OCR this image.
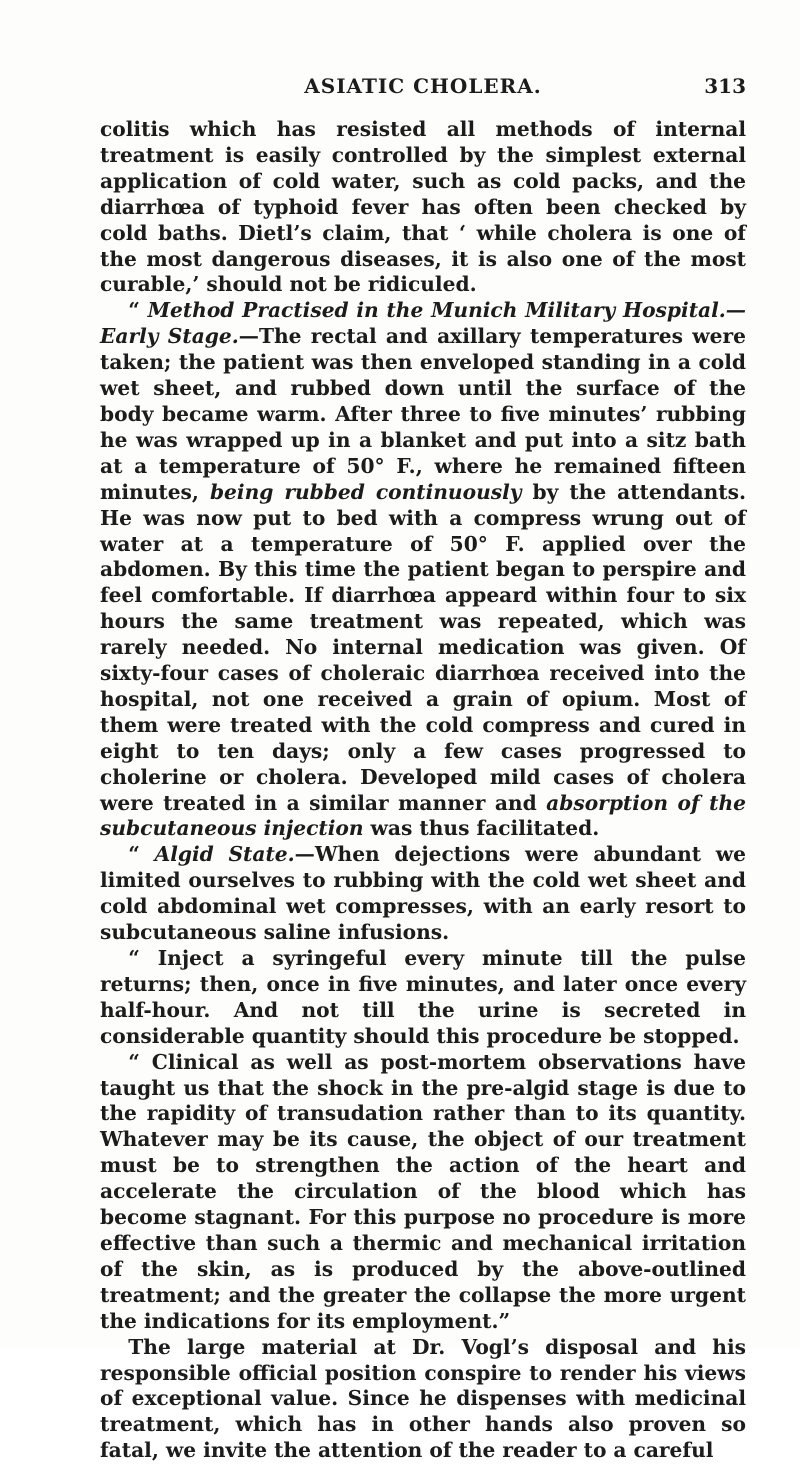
ASIATIC CHOLERA.	313

colitis which has resisted all methods of internal treatment is easily controlled by the simplest external application of cold water, such as cold packs, and the diarrhœa of typhoid fever has often been checked by cold baths. Dietl’s claim, that ‘ while cholera is one of the most dangerous diseases, it is also one of the most curable,’ should not be ridiculed.

“ Method Practised in the Munich Military Hospital.—Early Stage.—The rectal and axillary temperatures were taken; the patient was then enveloped standing in a cold wet sheet, and rubbed down until the surface of the body became warm. After three to five minutes’ rubbing he was wrapped up in a blanket and put into a sitz bath at a temperature of 50° F., where he remained fifteen minutes, being rubbed continuously by the attendants. He was now put to bed with a compress wrung out of water at a temperature of 50° F. applied over the abdomen. By this time the patient began to perspire and feel comfortable. If diarrhœa appeard within four to six hours the same treatment was repeated, which was rarely needed. No internal medication was given. Of sixty-four cases of choleraic diarrhœa received into the hospital, not one received a grain of opium. Most of them were treated with the cold compress and cured in eight to ten days; only a few cases progressed to cholerine or cholera. Developed mild cases of cholera were treated in a similar manner and absorption of the subcutaneous injection was thus facilitated.

“ Algid State.—When dejections were abundant we limited ourselves to rubbing with the cold wet sheet and cold abdominal wet compresses, with an early resort to subcutaneous saline infusions.

“ Inject a syringeful every minute till the pulse returns; then, once in five minutes, and later once every half-hour. And not till the urine is secreted in considerable quantity should this procedure be stopped.

“ Clinical as well as post-mortem observations have taught us that the shock in the pre-algid stage is due to the rapidity of transudation rather than to its quantity. Whatever may be its cause, the object of our treatment must be to strengthen the action of the heart and accelerate the circulation of the blood which has become stagnant. For this purpose no procedure is more effective than such a thermic and mechanical irritation of the skin, as is produced by the above-outlined treatment; and the greater the collapse the more urgent the indications for its employment.”

The large material at Dr. Vogl’s disposal and his responsible official position conspire to render his views of exceptional value. Since he dispenses with medicinal treatment, which has in other hands also proven so fatal, we invite the attention of the reader to a careful
